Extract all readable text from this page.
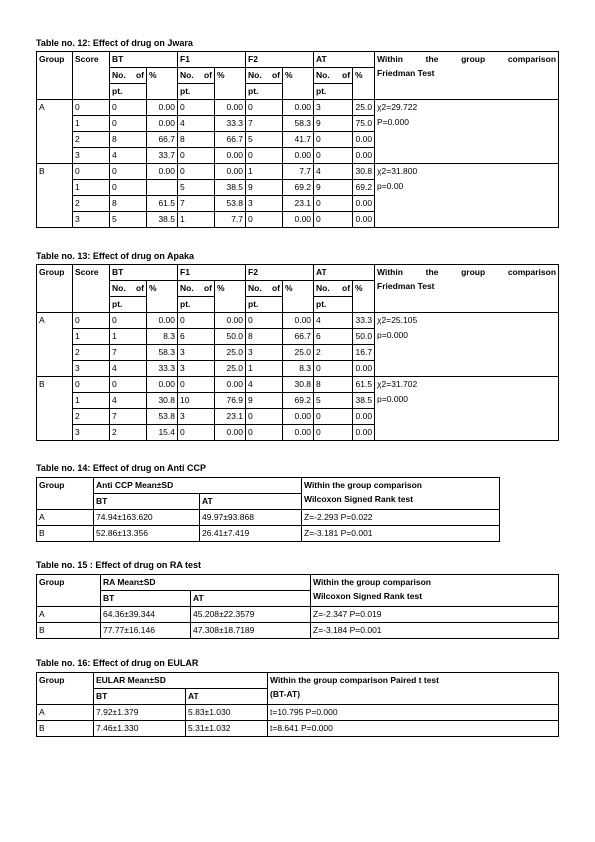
Table no. 12: Effect of drug on Jwara
Group	Score	BT		F1		F2		AT		Within the group comparison
Friedman Test

		No. of	%	No. of	%	No. of	%	No. of	%	
		pt.		pt.		pt.		pt.		
A	0	0	0.00	0	0.00	0	0.00	3	25.0	χ2=29.722
P=0.000

	1	0	0.00	4	33.3	7	58.3	9	75.0	
	2	8	66.7	8	66.7	5	41.7	0	0.00	
	3	4	33.7	0	0.00	0	0.00	0	0.00	
B	0	0	0.00	0	0.00	1	7.7	4	30.8	χ2=31.800
p=0.00

	1	0		5	38.5	9	69.2	9	69.2	
	2	8	61.5	7	53.8	3	23.1	0	0.00	
	3	5	38.5	1	7.7	0	0.00	0	0.00	
Table no. 13: Effect of drug on Apaka
Group	Score	BT		F1		F2		AT		Within the group comparison
Friedman Test

		No. of	%	No. of	%	No. of	%	No. of	%	
		pt.		pt.		pt.		pt.		
A	0	0	0.00	0	0.00	0	0.00	4	33.3	χ2=25.105
p=0.000

	1	1	8.3	6	50.0	8	66.7	6	50.0	
	2	7	58.3	3	25.0	3	25.0	2	16.7	
	3	4	33.3	3	25.0	1	8.3	0	0.00	
B	0	0	0.00	0	0.00	4	30.8	8	61.5	χ2=31.702
p=0.000

	1	4	30.8	10	76.9	9	69.2	5	38.5	
	2	7	53.8	3	23.1	0	0.00	0	0.00	
	3	2	15.4	0	0.00	0	0.00	0	0.00	
Table no. 14: Effect of drug on Anti CCP
Group	Anti CCP Mean±SD		Within the group comparison
Wilcoxon Signed Rank test

	BT	AT	
A	74.94±163.620	49.97±93.868	Z=-2.293 P=0.022
B	52.86±13.356	26.41±7.419	Z=-3.181 P=0.001
Table no. 15 : Effect of drug on RA test
Group	RA Mean±SD		Within the group comparison
Wilcoxon Signed Rank test

	BT	AT	
A	64.36±39.344	45.208±22.3579	Z=-2.347 P=0.019
B	77.77±16.146	47.308±18.7189	Z=-3.184 P=0.001
Table no. 16: Effect of drug on EULAR
Group	EULAR Mean±SD		Within the group comparison Paired t test
(BT-AT)

	BT	AT	
A	7.92±1.379	5.83±1.030	t=10.795 P=0.000
B	7.46±1.330	5.31±1.032	t=8.641 P=0.000
